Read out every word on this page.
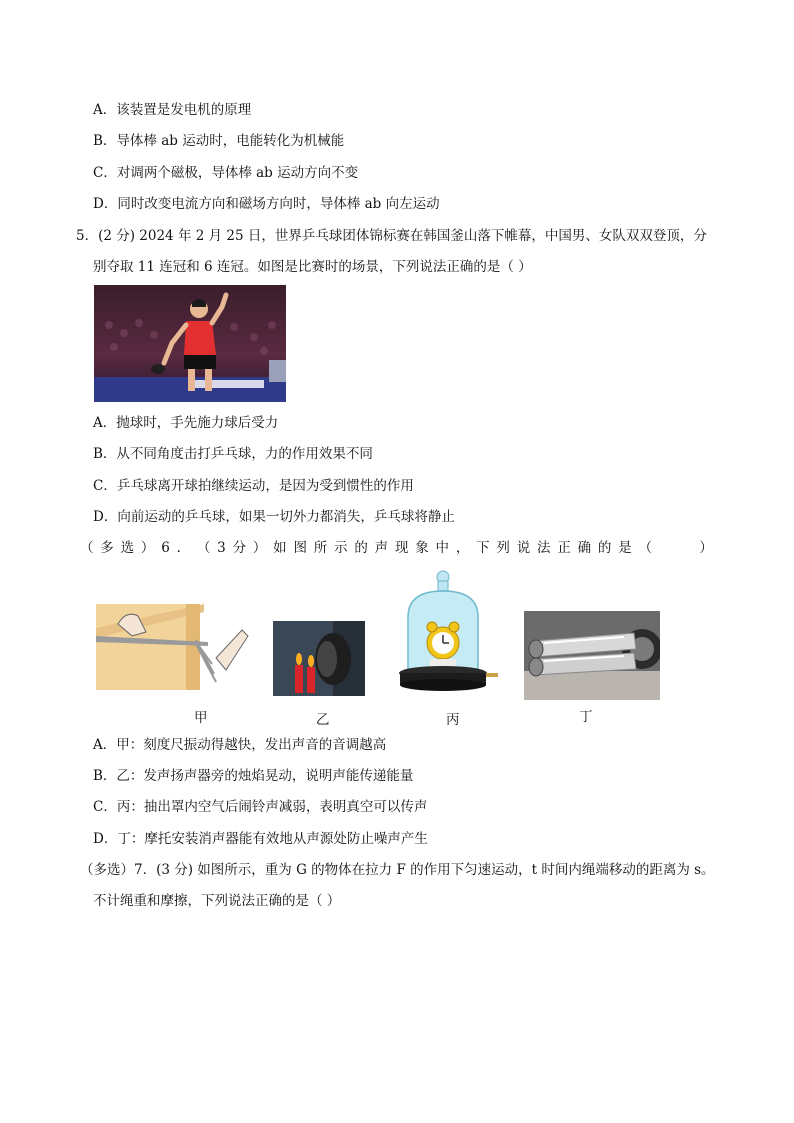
A．该装置是发电机的原理
B．导体棒 ab 运动时，电能转化为机械能
C．对调两个磁极，导体棒 ab 运动方向不变
D．同时改变电流方向和磁场方向时，导体棒 ab 向左运动
5．(2 分) 2024 年 2 月 25 日，世界乒乓球团体锦标赛在韩国釜山落下帷幕，中国男、女队双双登顶，分
别夺取 11 连冠和 6 连冠。如图是比赛时的场景，下列说法正确的是（ ）
A．抛球时，手先施力球后受力
B．从不同角度击打乒乓球，力的作用效果不同
C．乒乓球离开球拍继续运动，是因为受到惯性的作用
D．向前运动的乒乓球，如果一切外力都消失，乒乓球将静止
（ 多 选 ） 6 ． （ 3 分 ） 如 图 所 示 的 声 现 象 中 ， 下 列 说 法 正 确 的 是 （

　	）
甲	乙	丙	丁
A．甲：刻度尺振动得越快，发出声音的音调越高
B．乙：发声扬声器旁的烛焰晃动，说明声能传递能量
C．丙：抽出罩内空气后闹铃声减弱，表明真空可以传声
D．丁：摩托安装消声器能有效地从声源处防止噪声产生
（多选）7．(3 分) 如图所示，重为 G 的物体在拉力 F 的作用下匀速运动，t 时间内绳端移动的距离为 s。
不计绳重和摩擦，下列说法正确的是（ ）
